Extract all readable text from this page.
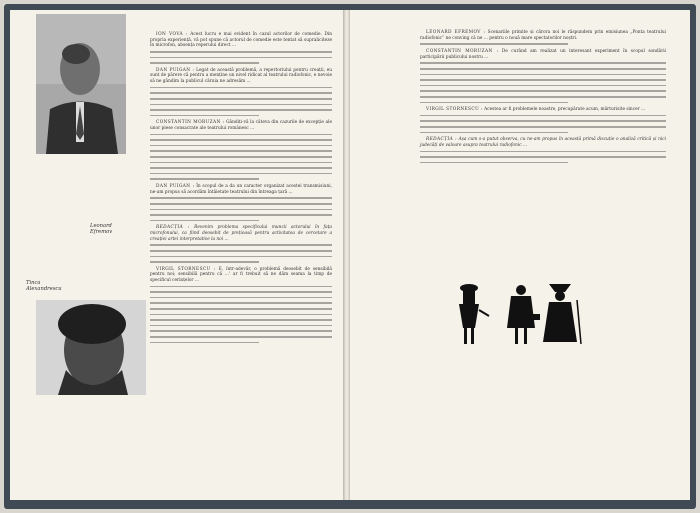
Leonard
Efremov
Tinca
Alexandrescu

ION VOVA : Acest lucru e mai evident în cazul actorilor de comedie. Din propria experiență, vă pot spune că actorul de comedie este tentat să supraliciteze în microfon, absența reperului direct ...

DAN PUIGAN : Legat de această problemă, a repertoriului pentru creații, eu sunt de părere că pentru a menține un nivel ridicat al teatrului radiofonic, e nevoie să ne gândim la publicul căruia ne adresăm ...

CONSTANTIN MORUZAN : Gândiți-vă la câteva din cazurile de excepție ale unor piese consacrate ale teatrului românesc ...

DAN PUIGAN : În scopul de a da un caracter organizat acestei transmisiuni, ne-am propus să acordăm întâietate teatrului din întreaga țară ...

REDACȚIA : Revenim problema specificului muncii actorului în fața microfonului, ca fiind deosebit de prețioasă pentru activitatea de cercetare a creației artei interpretative la noi ...

VIRGIL STORNESCU : E, într-adevăr, o problemă deosebit de sensibilă pentru noi; sensibilă pentru că ...' ar fi trebuit să ne dăm seama la timp de specificul cerințelor ...

LEONARD EFREMOV : Scenariile primite și cărora noi le răspundem prin emisiunea „Ponta teatrului radiofonic” ne conving că ne ... pentru o nouă mare spectatorilor noștri.

CONSTANTIN MORUZAN : De curând am realizat un interesant experiment în scopul sondării participării publicului nostru ...

VIRGIL STORNESCU : Acestea ar fi problemele noastre, precupărate acum, mărturisite sincer ...

REDACȚIA : Așa cum s-a putut observa, cu ne-am propus în această primă discuție o analiză critică și nici judecăți de valoare asupra teatrului radiofonic ...
